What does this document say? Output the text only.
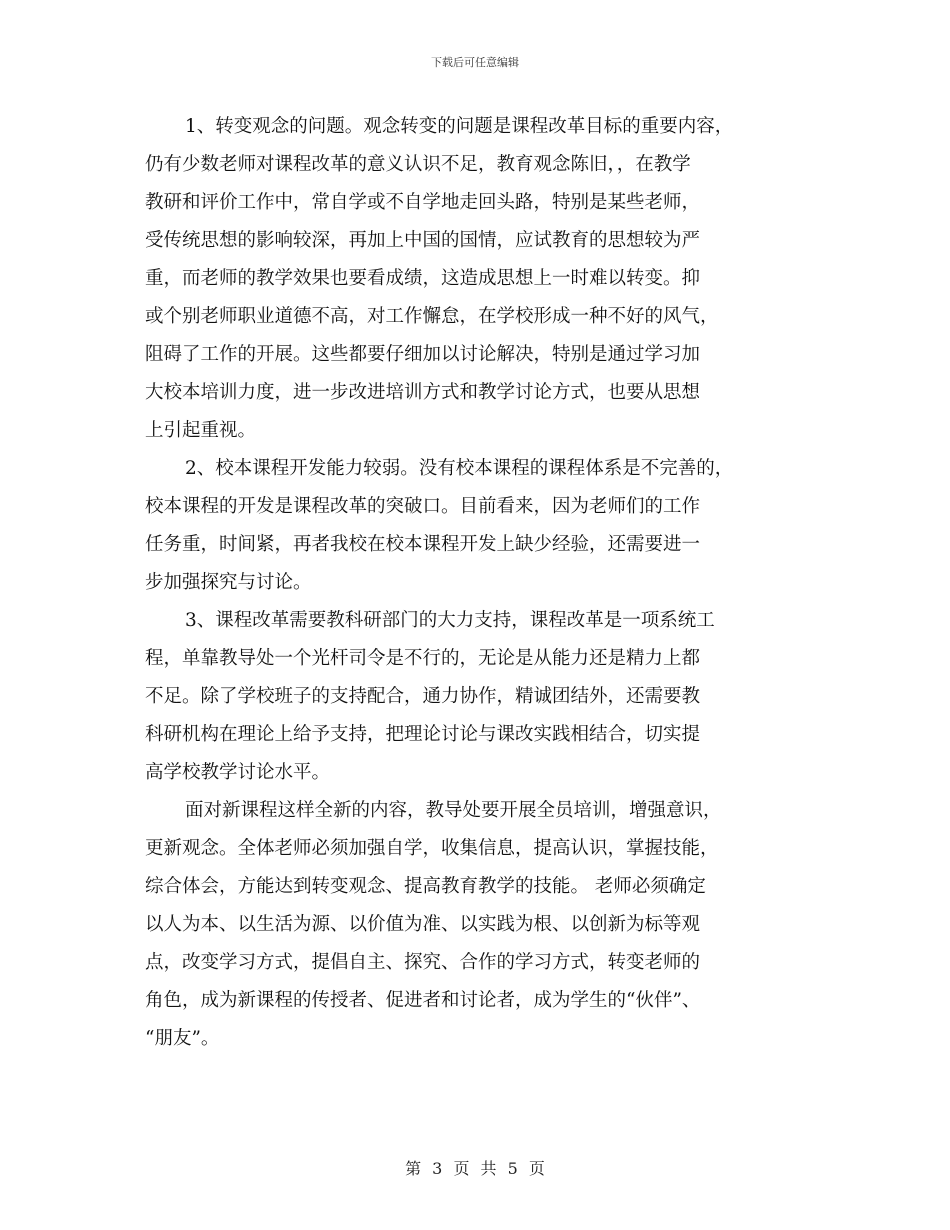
下载后可任意编辑
1、转变观念的问题。观念转变的问题是课程改革目标的重要内容，
仍有少数老师对课程改革的意义认识不足，教育观念陈旧，，在教学
教研和评价工作中，常自学或不自学地走回头路，特别是某些老师，
受传统思想的影响较深，再加上中国的国情，应试教育的思想较为严
重，而老师的教学效果也要看成绩，这造成思想上一时难以转变。抑
或个别老师职业道德不高，对工作懈怠，在学校形成一种不好的风气，
阻碍了工作的开展。这些都要仔细加以讨论解决，特别是通过学习加
大校本培训力度，进一步改进培训方式和教学讨论方式，也要从思想
上引起重视。
2、校本课程开发能力较弱。没有校本课程的课程体系是不完善的，
校本课程的开发是课程改革的突破口。目前看来，因为老师们的工作
任务重，时间紧，再者我校在校本课程开发上缺少经验，还需要进一
步加强探究与讨论。
3、课程改革需要教科研部门的大力支持，课程改革是一项系统工
程，单靠教导处一个光杆司令是不行的，无论是从能力还是精力上都
不足。除了学校班子的支持配合，通力协作，精诚团结外，还需要教
科研机构在理论上给予支持，把理论讨论与课改实践相结合，切实提
高学校教学讨论水平。
面对新课程这样全新的内容，教导处要开展全员培训，增强意识，
更新观念。全体老师必须加强自学，收集信息，提高认识，掌握技能，
综合体会，方能达到转变观念、提高教育教学的技能。 老师必须确定
以人为本、以生活为源、以价值为准、以实践为根、以创新为标等观
点，改变学习方式，提倡自主、探究、合作的学习方式，转变老师的
角色，成为新课程的传授者、促进者和讨论者，成为学生的“伙伴”、
“朋友”。
第 3 页 共 5 页
